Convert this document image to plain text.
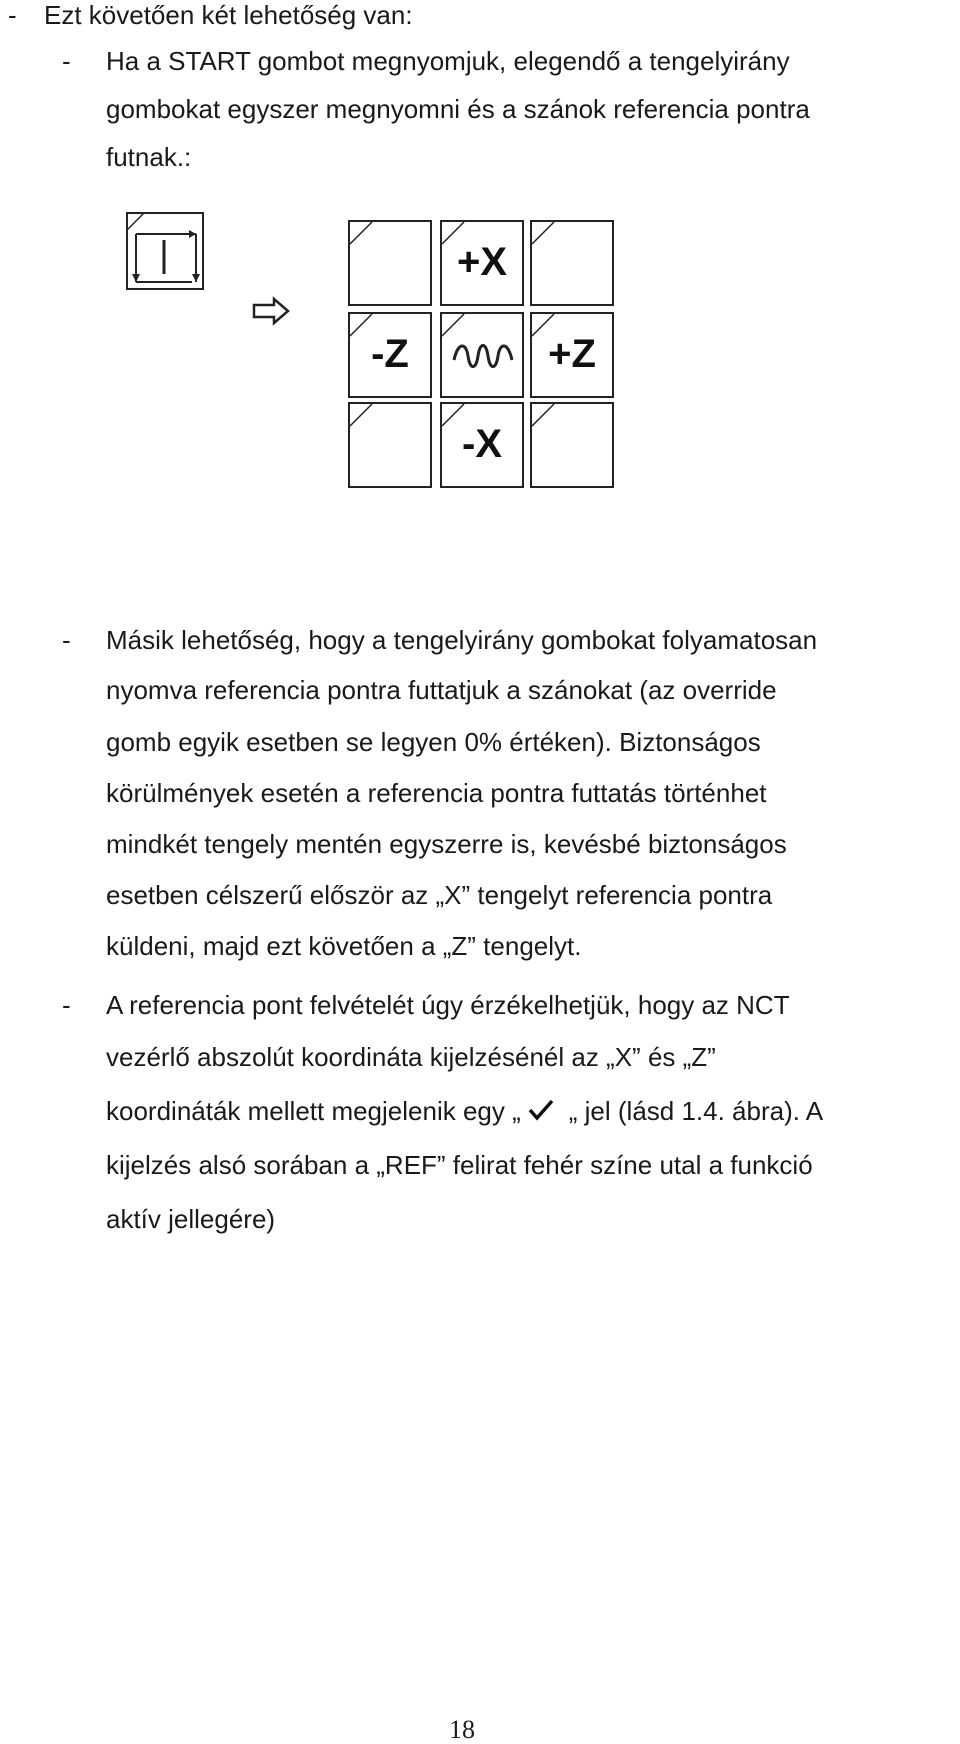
- Ezt követően két lehetőség van:
- Ha a START gombot megnyomjuk, elegendő a tengelyirány
gombokat egyszer megnyomni és a szánok referencia pontra
futnak.:
+X
-Z	+Z
-X
- Másik lehetőség, hogy a tengelyirány gombokat folyamatosan
nyomva referencia pontra futtatjuk a szánokat (az override
gomb egyik esetben se legyen 0% értéken). Biztonságos
körülmények esetén a referencia pontra futtatás történhet
mindkét tengely mentén egyszerre is, kevésbé biztonságos
esetben célszerű először az „X” tengelyt referencia pontra
küldeni, majd ezt követően a „Z” tengelyt.
- A referencia pont felvételét úgy érzékelhetjük, hogy az NCT
vezérlő abszolút koordináta kijelzésénél az „X” és „Z”
koordináták mellett megjelenik egy „ „ jel (lásd 1.4. ábra). A
kijelzés alsó sorában a „REF” felirat fehér színe utal a funkció
aktív jellegére)
18
